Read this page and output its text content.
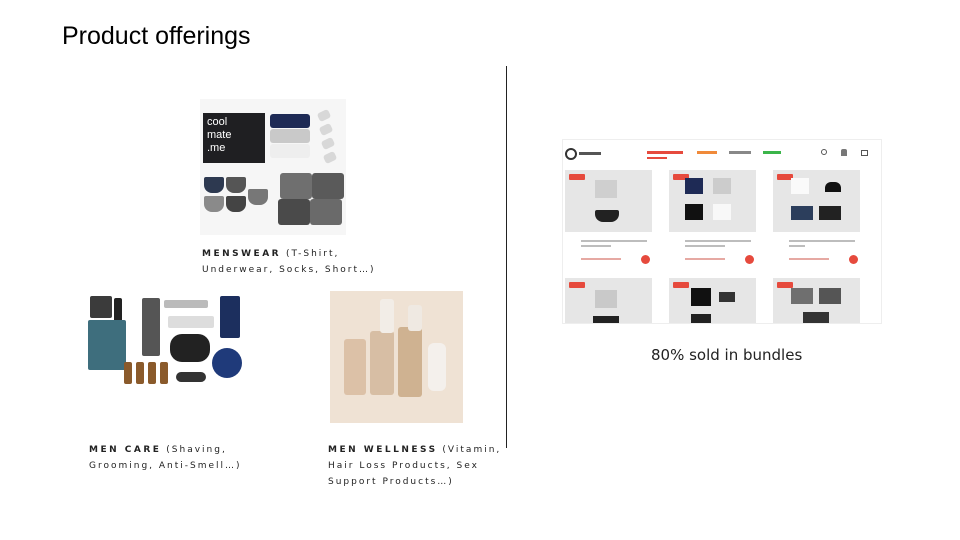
Product offerings
cool
mate
.me
MENSWEAR (T-Shirt,
Underwear, Socks, Short…)
MEN CARE (Shaving,
Grooming, Anti-Smell…)
MEN WELLNESS (Vitamin,
Hair Loss Products, Sex
Support Products…)
80% sold in bundles
